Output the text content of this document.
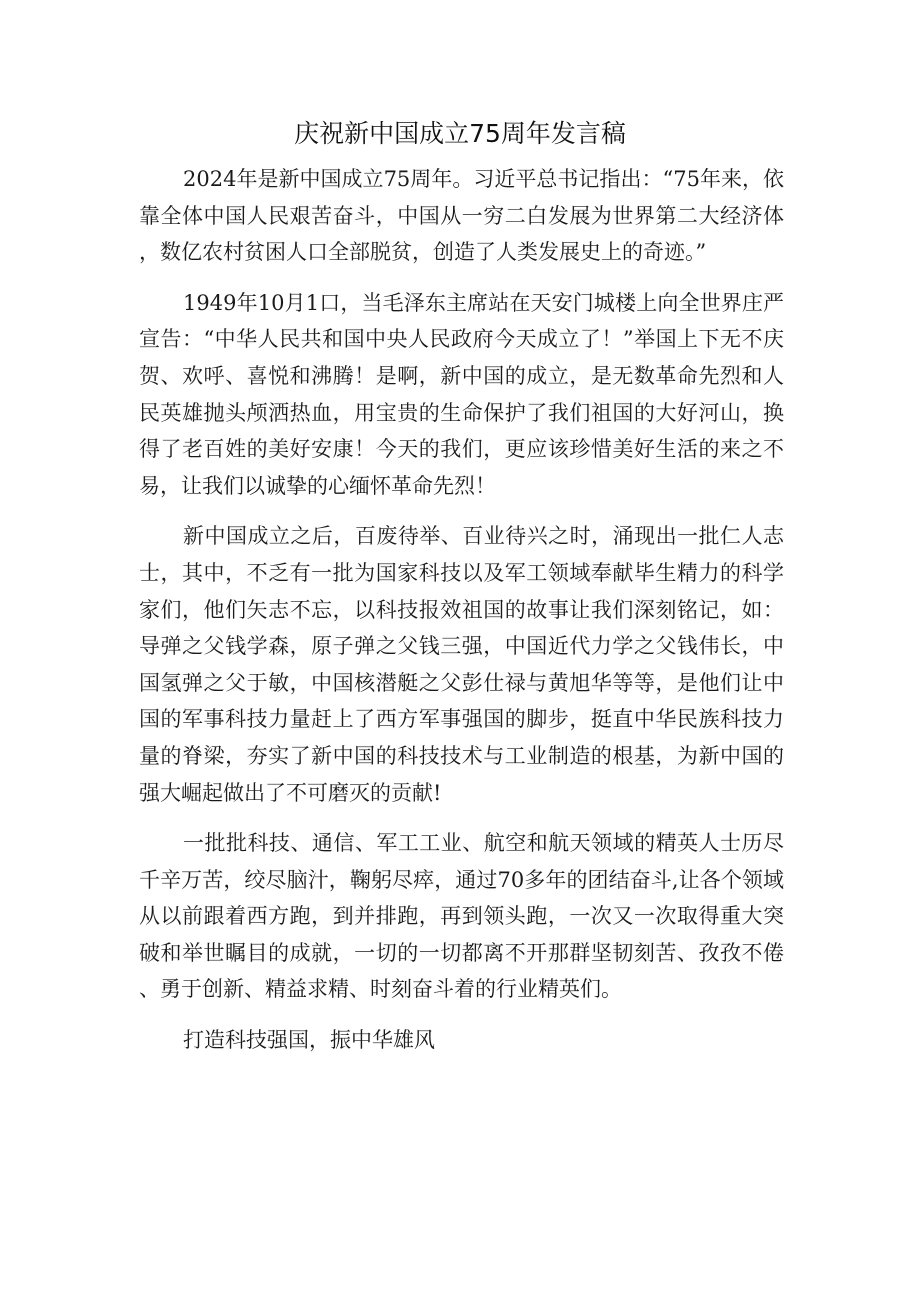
庆祝新中国成立75周年发言稿

2024年是新中国成立75周年。习近平总书记指出：“75年来，依靠全体中国人民艰苦奋斗，中国从一穷二白发展为世界第二大经济体，数亿农村贫困人口全部脱贫，创造了人类发展史上的奇迹。”

1949年10月1口，当毛泽东主席站在天安门城楼上向全世界庄严宣告：“中华人民共和国中央人民政府今天成立了！”举国上下无不庆贺、欢呼、喜悦和沸腾！是啊，新中国的成立，是无数革命先烈和人民英雄抛头颅洒热血，用宝贵的生命保护了我们祖国的大好河山，换得了老百姓的美好安康！今天的我们，更应该珍惜美好生活的来之不易，让我们以诚挚的心缅怀革命先烈！

新中国成立之后，百废待举、百业待兴之时，涌现出一批仁人志士，其中，不乏有一批为国家科技以及军工领域奉献毕生精力的科学家们，他们矢志不忘，以科技报效祖国的故事让我们深刻铭记，如：导弹之父钱学森，原子弹之父钱三强，中国近代力学之父钱伟长，中国氢弹之父于敏，中国核潜艇之父彭仕禄与黄旭华等等，是他们让中国的军事科技力量赶上了西方军事强国的脚步，挺直中华民族科技力量的脊梁，夯实了新中国的科技技术与工业制造的根基，为新中国的强大崛起做出了不可磨灭的贡献!

一批批科技、通信、军工工业、航空和航天领域的精英人士历尽千辛万苦，绞尽脑汁，鞠躬尽瘁，通过70多年的团结奋斗,让各个领域从以前跟着西方跑，到并排跑，再到领头跑，一次又一次取得重大突破和举世瞩目的成就，一切的一切都离不开那群坚韧刻苦、孜孜不倦、勇于创新、精益求精、时刻奋斗着的行业精英们。

打造科技强国，振中华雄风
